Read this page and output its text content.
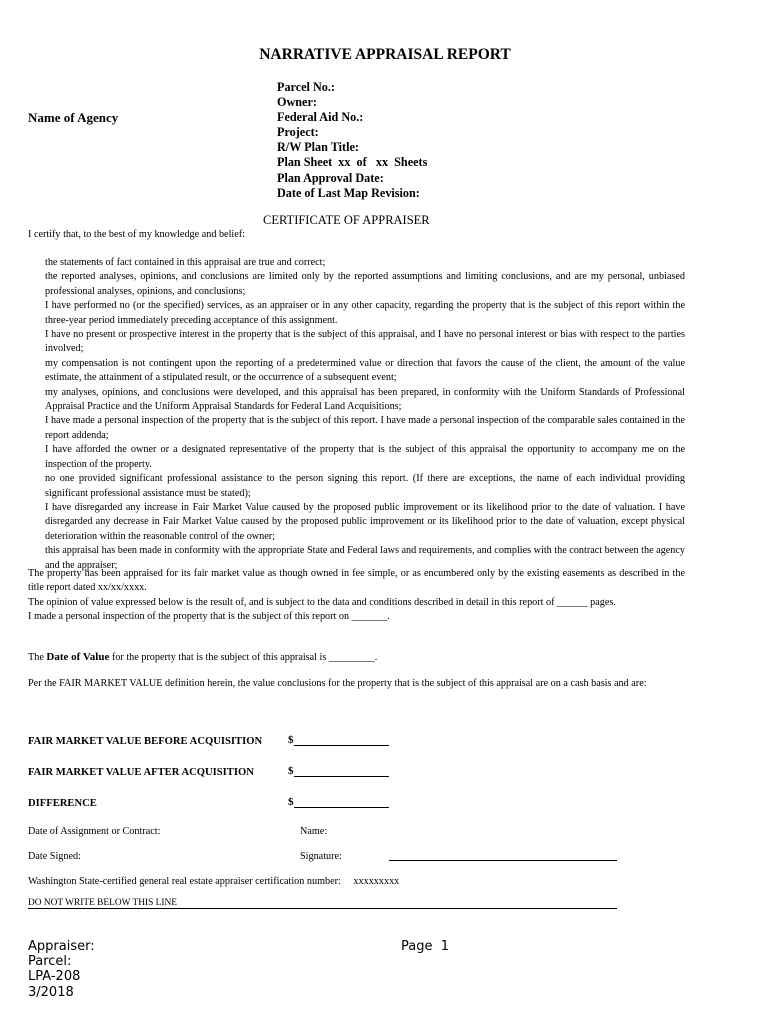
NARRATIVE APPRAISAL REPORT
Name of Agency
Parcel No.:
Owner:
Federal Aid No.:
Project:
R/W Plan Title:
Plan Sheet  xx  of   xx  Sheets
Plan Approval Date:
Date of Last Map Revision:
CERTIFICATE OF APPRAISER
I certify that, to the best of my knowledge and belief:

the statements of fact contained in this appraisal are true and correct;

the reported analyses, opinions, and conclusions are limited only by the reported assumptions and limiting conclusions, and are my personal, unbiased professional analyses, opinions, and conclusions;

I have performed no (or the specified) services, as an appraiser or in any other capacity, regarding the property that is the subject of this report within the three-year period immediately preceding acceptance of this assignment.

I have no present or prospective interest in the property that is the subject of this appraisal, and I have no personal interest or bias with respect to the parties involved;

my compensation is not contingent upon the reporting of a predetermined value or direction that favors the cause of the client, the amount of the value estimate, the attainment of a stipulated result, or the occurrence of a subsequent event;

my analyses, opinions, and conclusions were developed, and this appraisal has been prepared, in conformity with the Uniform Standards of Professional Appraisal Practice and the Uniform Appraisal Standards for Federal Land Acquisitions;

I have made a personal inspection of the property that is the subject of this report. I have made a personal inspection of the comparable sales contained in the report addenda;

I have afforded the owner or a designated representative of the property that is the subject of this appraisal the opportunity to accompany me on the inspection of the property.

no one provided significant professional assistance to the person signing this report. (If there are exceptions, the name of each individual providing significant professional assistance must be stated);

I have disregarded any increase in Fair Market Value caused by the proposed public improvement or its likelihood prior to the date of valuation. I have disregarded any decrease in Fair Market Value caused by the proposed public improvement or its likelihood prior to the date of valuation, except physical deterioration within the reasonable control of the owner;

this appraisal has been made in conformity with the appropriate State and Federal laws and requirements, and complies with the contract between the agency and the appraiser;

The property has been appraised for its fair market value as though owned in fee simple, or as encumbered only by the existing easements as described in the title report dated xx/xx/xxxx.

The opinion of value expressed below is the result of, and is subject to the data and conditions described in detail in this report of ______ pages.

I made a personal inspection of the property that is the subject of this report on _______.

The Date of Value for the property that is the subject of this appraisal is _________.
Per the FAIR MARKET VALUE definition herein, the value conclusions for the property that is the subject of this appraisal are on a cash basis and are:
FAIR MARKET VALUE BEFORE ACQUISITION $
FAIR MARKET VALUE AFTER ACQUISITION	$
DIFFERENCE	$
Date of Assignment or Contract:	Name:
Date Signed:	Signature:
Washington State-certified general real estate appraiser certification number: xxxxxxxxx
DO NOT WRITE BELOW THIS LINE
Appraiser:
Parcel:
LPA-208
3/2018
Page  1
